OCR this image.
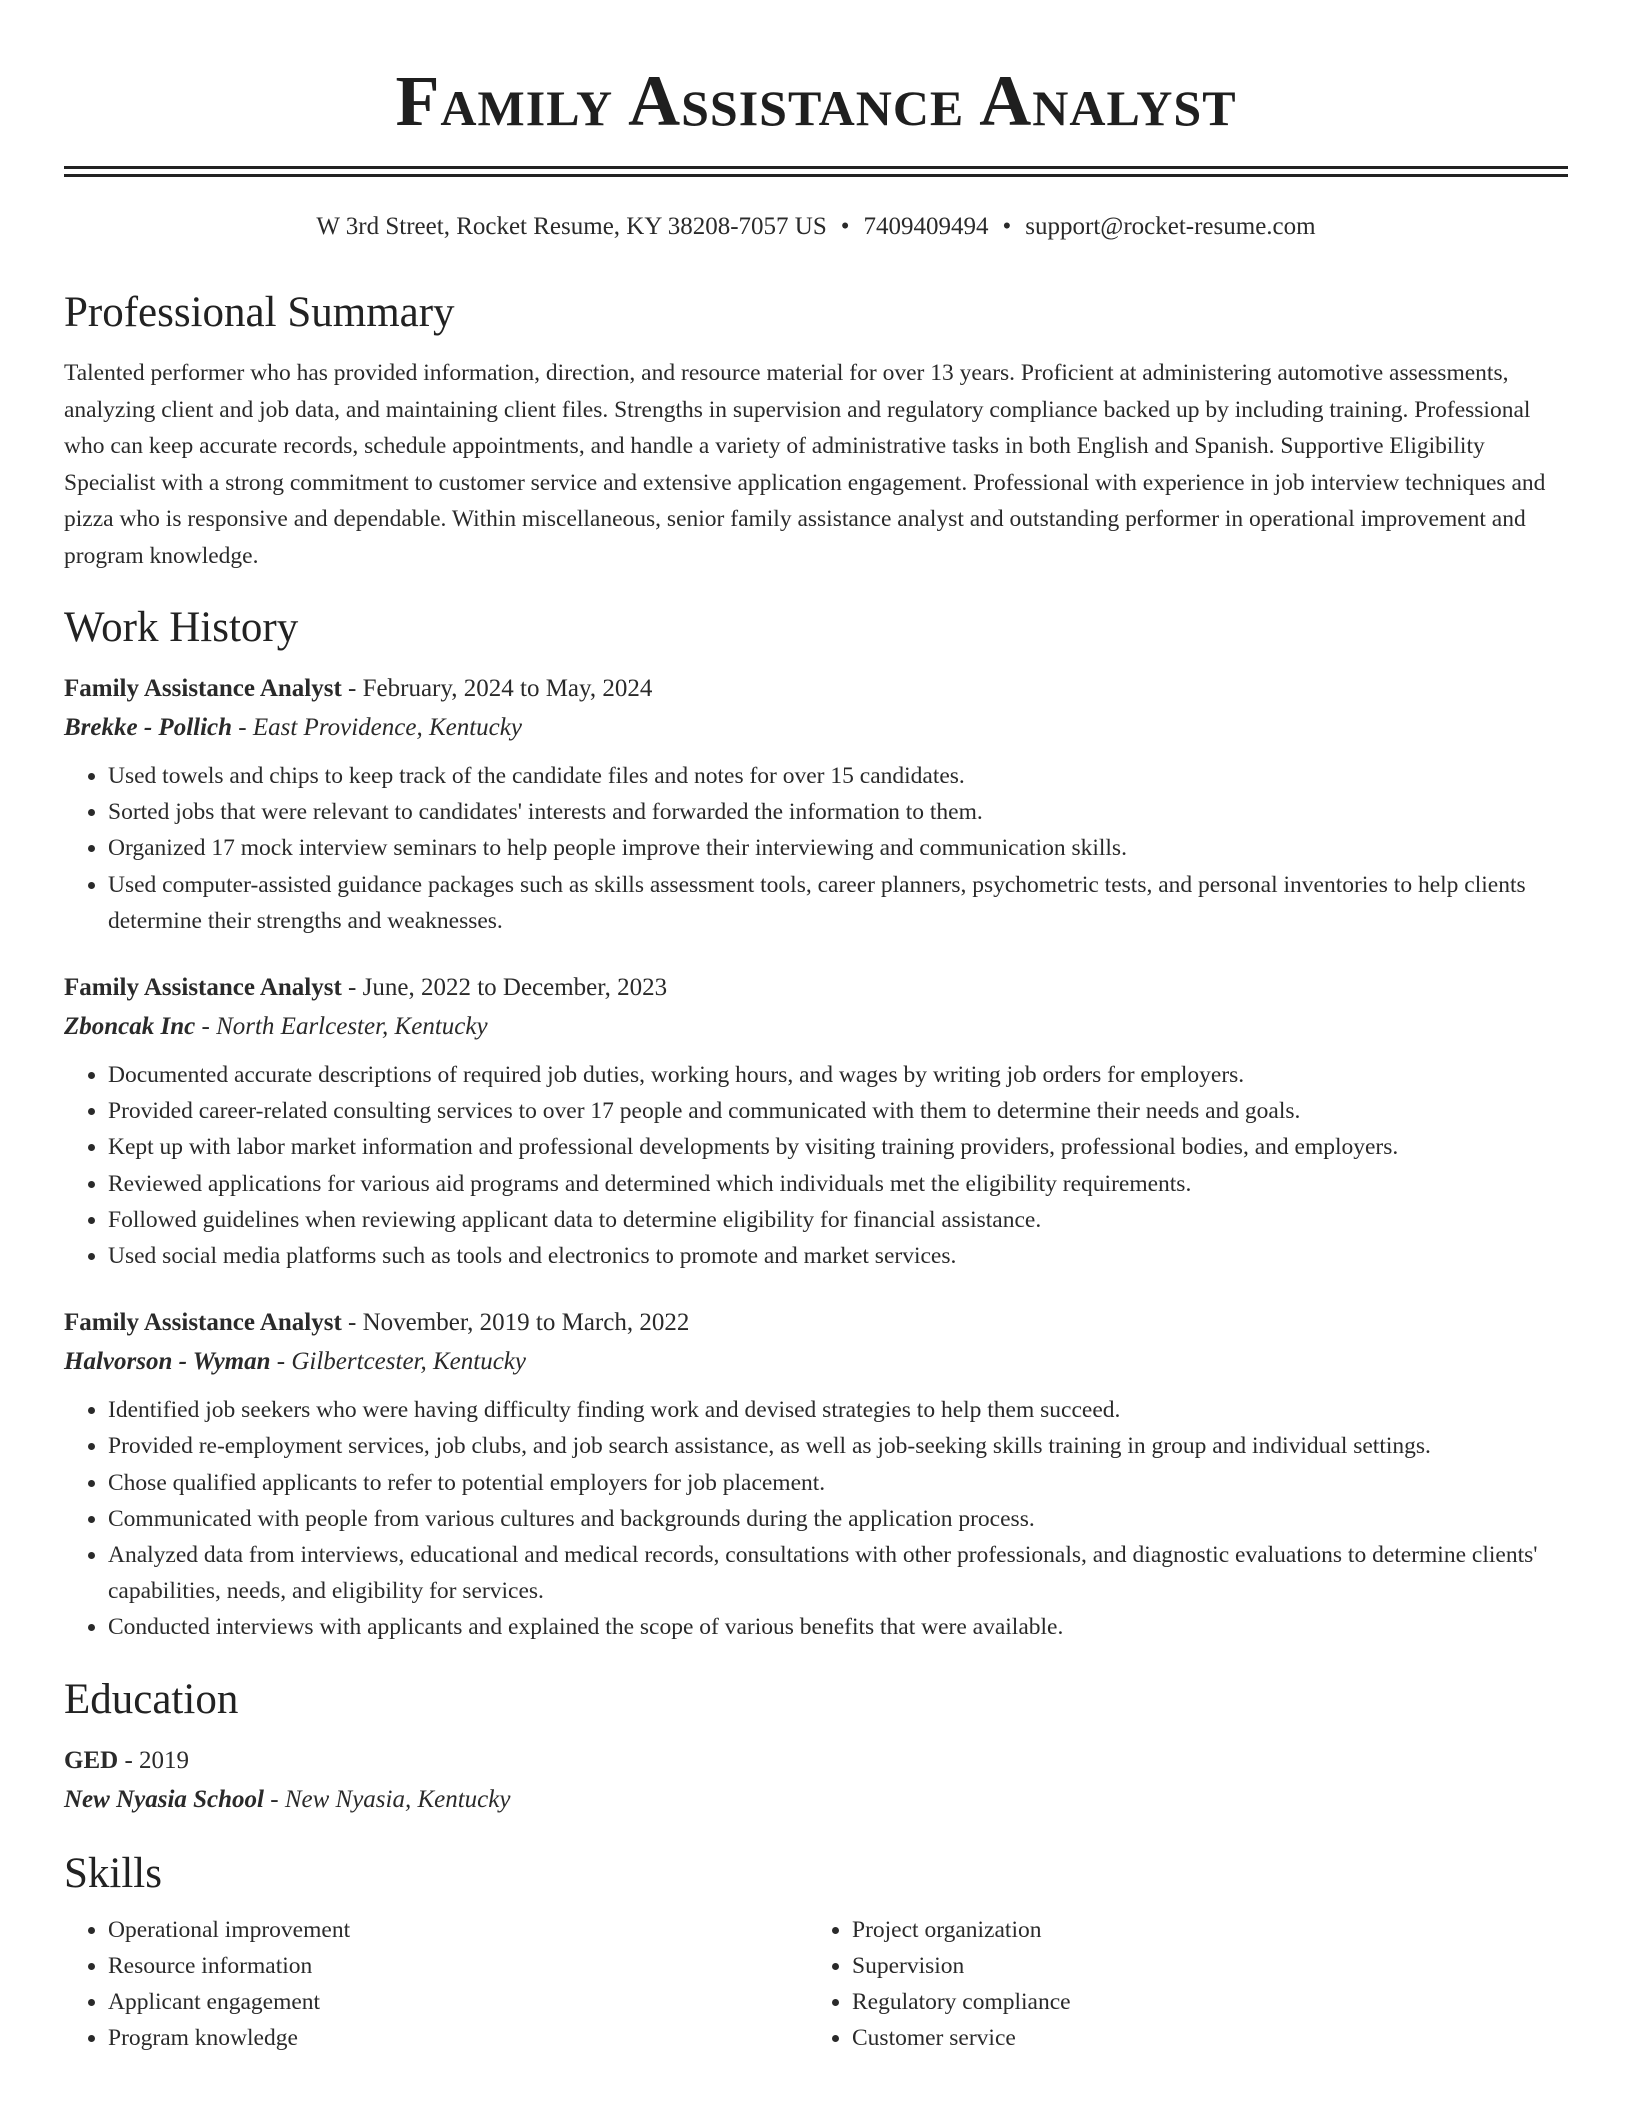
Family Assistance Analyst
W 3rd Street, Rocket Resume, KY 38208-7057 US • 7409409494 • support@rocket-resume.com
Professional Summary

Talented performer who has provided information, direction, and resource material for over 13 years. Proficient at administering automotive assessments, analyzing client and job data, and maintaining client files. Strengths in supervision and regulatory compliance backed up by including training. Professional who can keep accurate records, schedule appointments, and handle a variety of administrative tasks in both English and Spanish. Supportive Eligibility Specialist with a strong commitment to customer service and extensive application engagement. Professional with experience in job interview techniques and pizza who is responsive and dependable. Within miscellaneous, senior family assistance analyst and outstanding performer in operational improvement and program knowledge.

Work History
Family Assistance Analyst - February, 2024 to May, 2024
Brekke - Pollich - East Providence, Kentucky
• Used towels and chips to keep track of the candidate files and notes for over 15 candidates.
• Sorted jobs that were relevant to candidates' interests and forwarded the information to them.
• Organized 17 mock interview seminars to help people improve their interviewing and communication skills.
• Used computer-assisted guidance packages such as skills assessment tools, career planners, psychometric tests, and personal inventories to help clients determine their strengths and weaknesses.
Family Assistance Analyst - June, 2022 to December, 2023
Zboncak Inc - North Earlcester, Kentucky
• Documented accurate descriptions of required job duties, working hours, and wages by writing job orders for employers.
• Provided career-related consulting services to over 17 people and communicated with them to determine their needs and goals.
• Kept up with labor market information and professional developments by visiting training providers, professional bodies, and employers.
• Reviewed applications for various aid programs and determined which individuals met the eligibility requirements.
• Followed guidelines when reviewing applicant data to determine eligibility for financial assistance.
• Used social media platforms such as tools and electronics to promote and market services.
Family Assistance Analyst - November, 2019 to March, 2022
Halvorson - Wyman - Gilbertcester, Kentucky
• Identified job seekers who were having difficulty finding work and devised strategies to help them succeed.
• Provided re-employment services, job clubs, and job search assistance, as well as job-seeking skills training in group and individual settings.
• Chose qualified applicants to refer to potential employers for job placement.
• Communicated with people from various cultures and backgrounds during the application process.
• Analyzed data from interviews, educational and medical records, consultations with other professionals, and diagnostic evaluations to determine clients' capabilities, needs, and eligibility for services.
• Conducted interviews with applicants and explained the scope of various benefits that were available.
Education
GED - 2019
New Nyasia School - New Nyasia, Kentucky
Skills
• Operational improvement
• Resource information
• Applicant engagement
• Program knowledge
• Project organization
• Supervision
• Regulatory compliance
• Customer service
